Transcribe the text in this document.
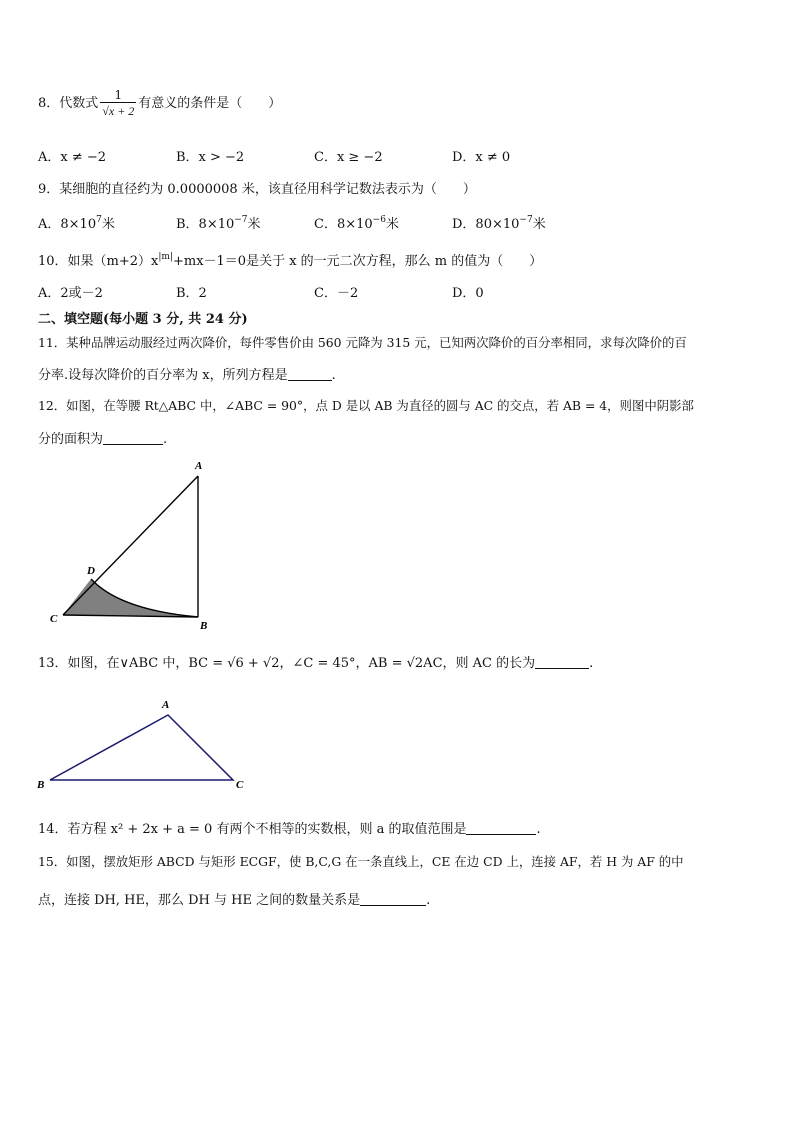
8．代数式 $\frac{1}{√x + 2}$ 有意义的条件是（　　）
A．x ≠ −2	B．x > −2	C．x ≥ −2	D．x ≠ 0
9．某细胞的直径约为 0.0000008 米，该直径用科学记数法表示为（　　）
A．$8\times 10^7$米	B．$8\times 10^{-7}$米	C．$8\times 10^{-6}$米	D．$80\times 10^{-7}$米
10．如果$(m+2)x^{|m|}+mx-1=0$是关于 x 的一元二次方程，那么 m 的值为（　　）
A．2或－2	B．2	C．－2	D．0
二、填空题(每小题 3 分, 共 24 分)
11．某种品牌运动服经过两次降价，每件零售价由 560 元降为 315 元，已知两次降价的百分率相同，求每次降价的百
分率.设每次降价的百分率为 x，所列方程是	.
12．如图，在等腰 Rt△ABC 中，∠ABC = 90°，点 D 是以 AB 为直径的圆与 AC 的交点，若 AB = 4，则图中阴影部
分的面积为	.
A
D
C
B
13．如图，在∨ABC 中，BC = √6 + √2，∠C = 45°，AB = √2AC，则 AC 的长为	.
A
B	C
14．若方程 x² + 2x + a = 0 有两个不相等的实数根，则 a 的取值范围是	.
15．如图，摆放矩形 ABCD 与矩形 ECGF，使 B,C,G 在一条直线上，CE 在边 CD 上，连接 AF，若 H 为 AF 的中
点，连接 DH, HE，那么 DH 与 HE 之间的数量关系是	.
